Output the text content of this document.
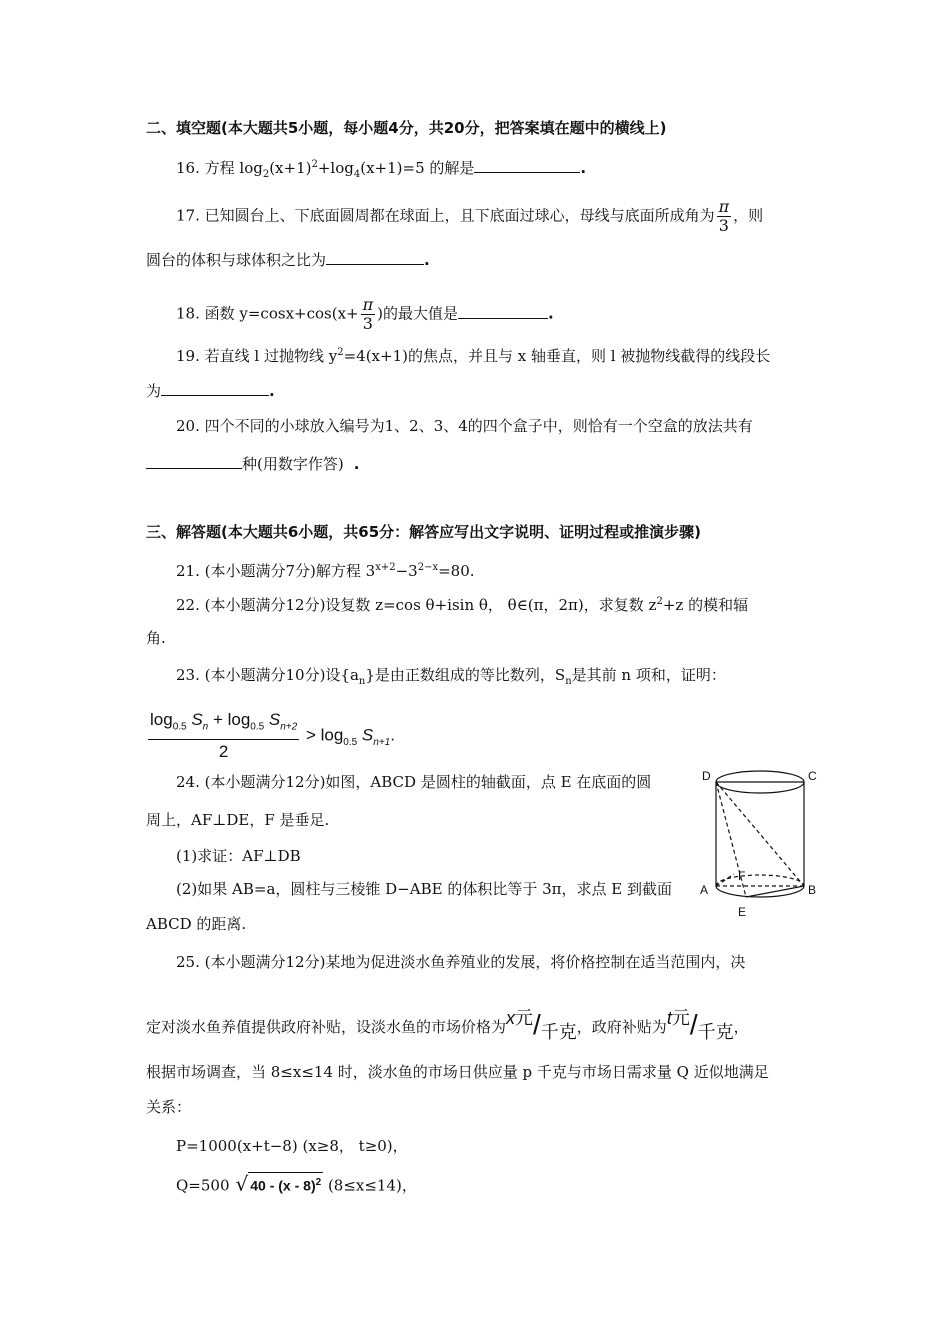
二、填空题(本大题共5小题，每小题4分，共20分，把答案填在题中的横线上)
16. 方程 $\log_2(x+1)^2+\log_4(x+1)=5$ 的解是	.
17. 已知圆台上、下底面圆周都在球面上，且下底面过球心，母线与底面所成角为 $\frac{\pi}{3}$ ，则
圆台的体积与球体积之比为	.
18. 函数 $y=\cos x+\cos(x+ \frac{\pi}{3}$ )的最大值是	.
19. 若直线 l 过抛物线 $y^2=4(x+1)$的焦点，并且与 x 轴垂直，则 l 被抛物线截得的线段长
为	.
20. 四个不同的小球放入编号为1、2、3、4的四个盒子中，则恰有一个空盒的放法共有
种(用数字作答) .
三、解答题(本大题共6小题，共65分：解答应写出文字说明、证明过程或推演步骤)
21. (本小题满分7分)解方程 $3^{x+2}-3^{2-x}=80$.
22. (本小题满分12分)设复数 z=cos θ+isin θ， θ∈(π，2π)，求复数 $z^2+z$ 的模和辐
角.
23. (本小题满分10分)设$\{a_n\}$是由正数组成的等比数列，$S_n$是其前 n 项和，证明：
$\frac{\log_{0.5} S_n + \log_{0.5} S_{n+2}}{2} > \log_{0.5} S_{n+1}$.
24. (本小题满分12分)如图，ABCD 是圆柱的轴截面，点 E 在底面的圆
周上，AF⊥DE，F 是垂足.
(1)求证：AF⊥DB
(2)如果 AB=a，圆柱与三棱锥 D−ABE 的体积比等于 3π，求点 E 到截面
ABCD 的距离.
D	C
A	B
F
E
25. (本小题满分12分)某地为促进淡水鱼养殖业的发展，将价格控制在适当范围内，决
定对淡水鱼养值提供政府补贴，设淡水鱼的市场价格为x元/千克，政府补贴为t元/千克，
根据市场调查，当 8≤x≤14 时，淡水鱼的市场日供应量 p 千克与市场日需求量 Q 近似地满足
关系：
P=1000(x+t−8) (x≥8， t≥0)，
Q=500 √ 40 - (x - 8)$^2$ (8≤x≤14)，
